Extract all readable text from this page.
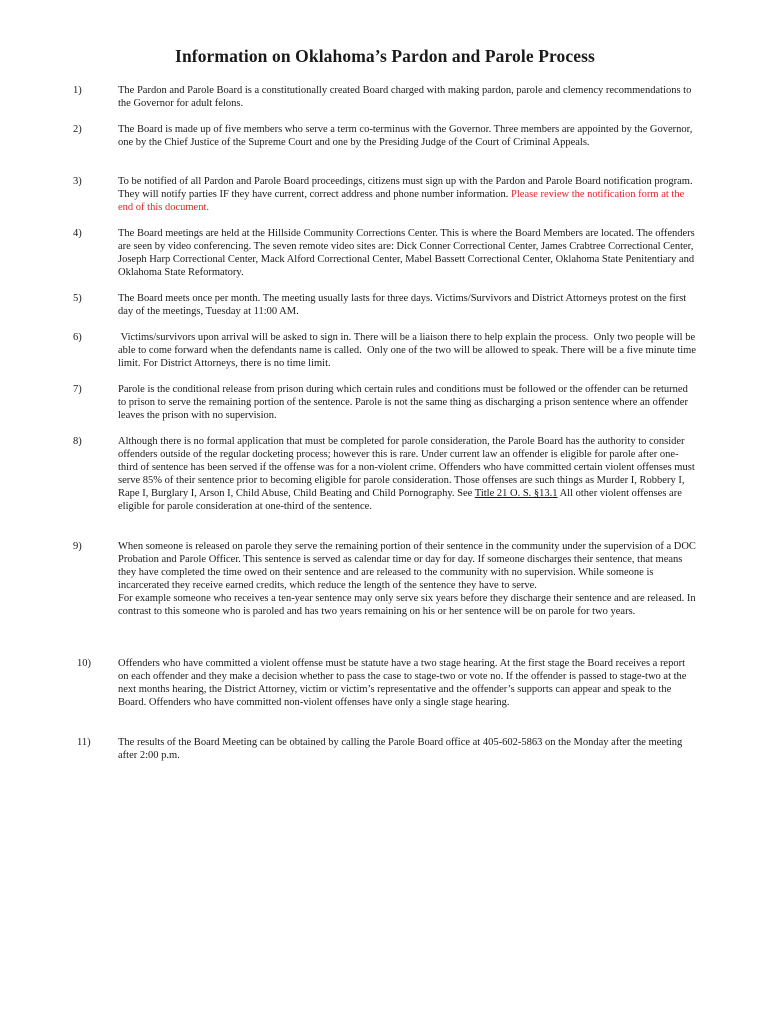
Information on Oklahoma’s Pardon and Parole Process
1)	The Pardon and Parole Board is a constitutionally created Board charged with making pardon, parole and clemency recommendations to the Governor for adult felons.
2)	The Board is made up of five members who serve a term co-terminus with the Governor. Three members are appointed by the Governor, one by the Chief Justice of the Supreme Court and one by the Presiding Judge of the Court of Criminal Appeals.
3)	To be notified of all Pardon and Parole Board proceedings, citizens must sign up with the Pardon and Parole Board notification program. They will notify parties IF they have current, correct address and phone number information. Please review the notification form at the end of this document.
4)	The Board meetings are held at the Hillside Community Corrections Center. This is where the Board Members are located. The offenders are seen by video conferencing. The seven remote video sites are: Dick Conner Correctional Center, James Crabtree Correctional Center, Joseph Harp Correctional Center, Mack Alford Correctional Center, Mabel Bassett Correctional Center, Oklahoma State Penitentiary and Oklahoma State Reformatory.
5)	The Board meets once per month. The meeting usually lasts for three days. Victims/Survivors and District Attorneys protest on the first day of the meetings, Tuesday at 11:00 AM.
6)	Victims/survivors upon arrival will be asked to sign in. There will be a liaison there to help explain the process.  Only two people will be able to come forward when the defendants name is called.  Only one of the two will be allowed to speak. There will be a five minute time limit. For District Attorneys, there is no time limit.
7)	Parole is the conditional release from prison during which certain rules and conditions must be followed or the offender can be returned to prison to serve the remaining portion of the sentence. Parole is not the same thing as discharging a prison sentence where an offender leaves the prison with no supervision.
8)	Although there is no formal application that must be completed for parole consideration, the Parole Board has the authority to consider offenders outside of the regular docketing process; however this is rare. Under current law an offender is eligible for parole after one-third of sentence has been served if the offense was for a non-violent crime. Offenders who have committed certain violent offenses must serve 85% of their sentence prior to becoming eligible for parole consideration. Those offenses are such things as Murder I, Robbery I, Rape I, Burglary I, Arson I, Child Abuse, Child Beating and Child Pornography. See Title 21 O. S. §13.1 All other violent offenses are eligible for parole consideration at one-third of the sentence.
9)	When someone is released on parole they serve the remaining portion of their sentence in the community under the supervision of a DOC Probation and Parole Officer. This sentence is served as calendar time or day for day. If someone discharges their sentence, that means they have completed the time owed on their sentence and are released to the community with no supervision. While someone is incarcerated they receive earned credits, which reduce the length of the sentence they have to serve.
For example someone who receives a ten-year sentence may only serve six years before they discharge their sentence and are released. In contrast to this someone who is paroled and has two years remaining on his or her sentence will be on parole for two years.
10)	Offenders who have committed a violent offense must be statute have a two stage hearing. At the first stage the Board receives a report on each offender and they make a decision whether to pass the case to stage-two or vote no. If the offender is passed to stage-two at the next months hearing, the District Attorney, victim or victim’s representative and the offender’s supports can appear and speak to the Board. Offenders who have committed non-violent offenses have only a single stage hearing.
11)	The results of the Board Meeting can be obtained by calling the Parole Board office at 405-602-5863 on the Monday after the meeting after 2:00 p.m.
